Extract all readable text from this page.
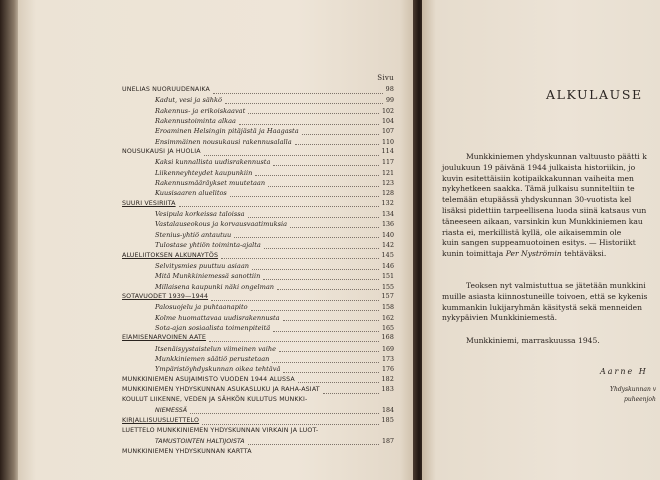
Sivu
UNELIAS NUORUUDENAIKA	98
Kadut, vesi ja sähkö	99
Rakennus- ja erikoiskaavat	102
Rakennustoiminta alkaa	104
Eroaminen Helsingin pitäjästä ja Haagasta	107
Ensimmäinen nousukausi rakennusalalla	110
NOUSUKAUSI JA HUOLIA	114
Kaksi kunnallista uudisrakennusta	117
Liikenneyhteydet kaupunkiin	121
Rakennusmääräykset muutetaan	123
Kuusisaaren aluelitos	128
SUURI VESIRIITA	132
Vesipula korkeissa taloissa	134
Vastalauseokous ja korvausvaatimuksia	136
Stenius-yhtiö antautuu	140
Tulostase yhtiön toiminta-ajalta	142
ALUELIITOKSEN ALKUNAYTÖS	145
Selvitysmies puuttuu asiaan	146
Mitä Munkkiniemessä sanottiin	151
Millaisena kaupunki näki ongelman	155
SOTAVUODET 1939—1944	157
Palosuojelu ja puhtaanapito	158
Kolme huomattavaa uudisrakennusta	162
Sota-ajan sosiaalista toimenpiteitä	165
ElAMISENARVOINEN AATE	168
Itsenäisyystaistelun viimeinen vaihe	169
Munkkiniemen säätiö perustetaan	173
Ympäristöyhdyskunnan oikea tehtävä	176
MUNKKINIEMEN ASUJAIMISTO VUODEN 1944 ALUSSA	182
MUNKKINIEMEN YHDYSKUNNAN ASUKASLUKU JA RAHA-ASIAT	183
KOULUT LIIKENNE, VEDEN JA SÄHKÖN KULUTUS MUNKKI-
NIEMESSÄ	184
KIRJALLISUUSLUETTELO	185
LUETTELO MUNKKINIEMEN YHDYSKUNNAN VIRKAIN JA LUOT-
TAMUSTOINTEN HALTIJOISTA	187
MUNKKINIEMEN YHDYSKUNNAN KARTTA
ALKULAUSE
Munkkiniemen yhdyskunnan valtuusto päätti k
joulukuun 19 päivänä 1944 julkaista historiikin, jo
kuvin esitettäisiin kotipaikkakunnan vaiheita men
nykyhetkeen saakka. Tämä julkaisu sunniteltiin te
telemään etupäässä yhdyskunnan 30-vuotista kel
lisäksi pidettiin tarpeellisena luoda siinä katsaus vun
täneeseen aikaan, varsinkin kun Munkkiniemen kau
riasta ei, merkillistä kyllä, ole aikaisemmin ole
kuin sangen suppeamuotoinen esitys. — Historiikt
kunin toimittaja Per Nyströmin tehtäväksi.
Teoksen nyt valmistuttua se jätetään munkkini
muille asiasta kiinnostuneille toivoen, että se kykenis
kummankin lukijaryhmän käsitystä sekä menneiden
nykypäivien Munkkiniemestä.
Munkkiniemi, marraskuussa 1945.
Aarne H
Yhdyskunnan v
puheenjoh
